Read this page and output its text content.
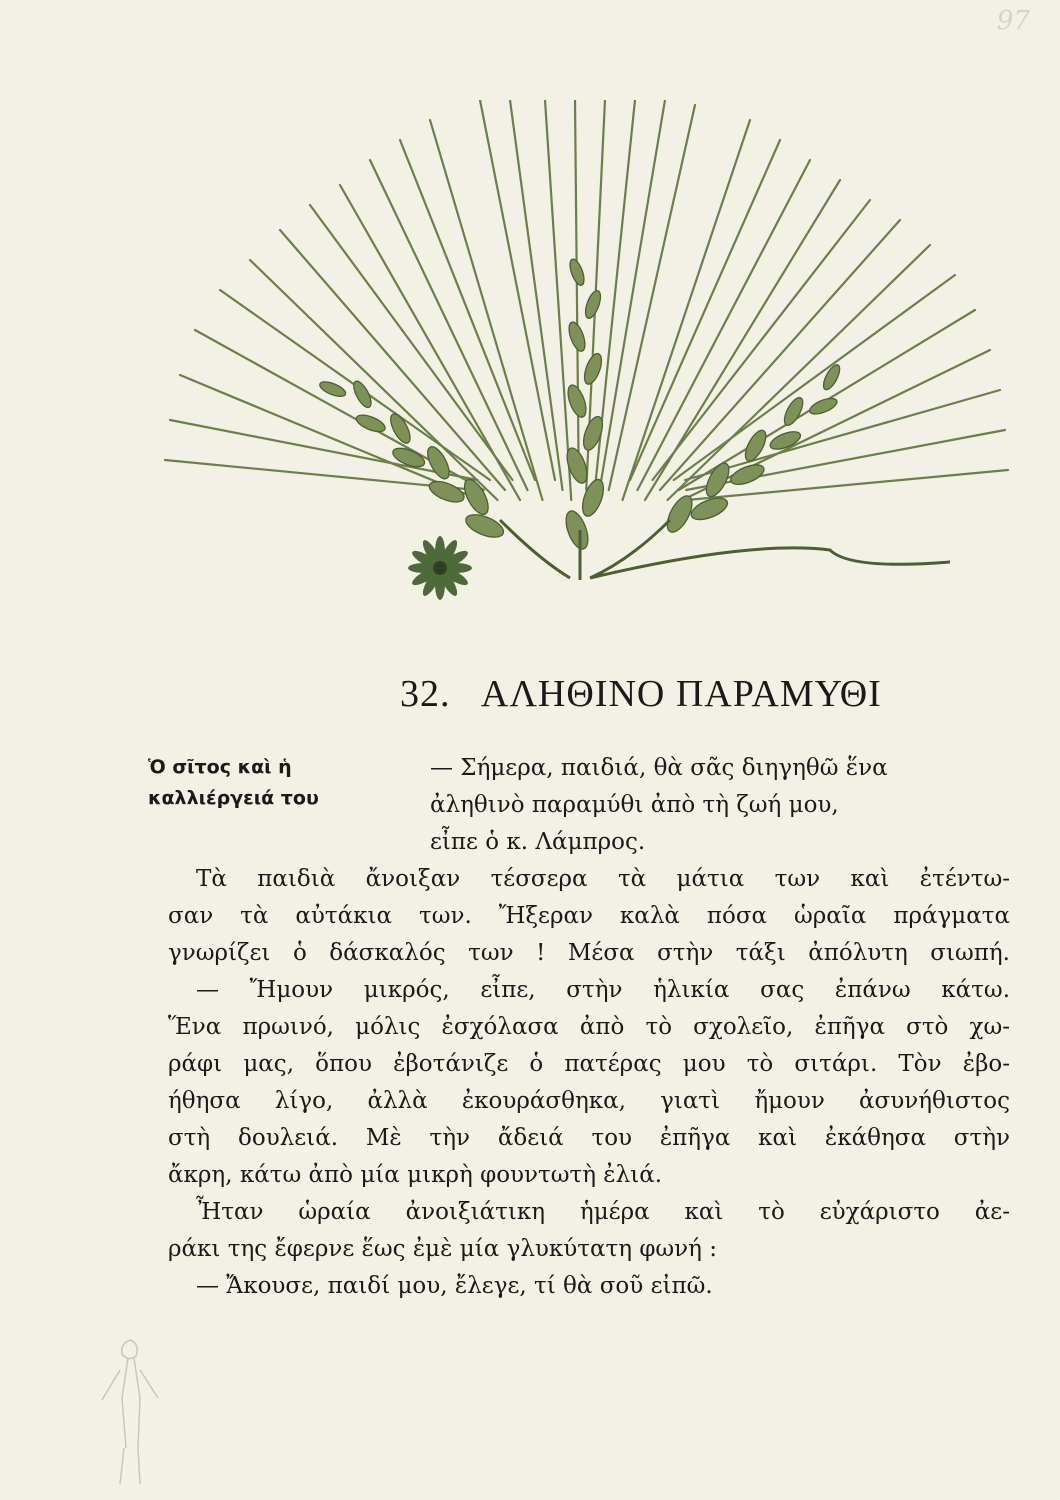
97
32. ΑΛΗΘΙΝΟ ΠΑΡΑΜΥΘΙ
Ὁ σῖτος καὶ ἡ
καλλιέργειά του
— Σήμερα, παιδιά, θὰ σᾶς διηγηθῶ ἕνα
ἀληθινὸ παραμύθι ἀπὸ τὴ ζωή μου,
εἶπε ὁ κ. Λάμπρος.
Τὰ παιδιὰ ἄνοιξαν τέσσερα τὰ μάτια των καὶ ἐτέντω-
σαν τὰ αὐτάκια των. Ἤξεραν καλὰ πόσα ὡραῖα πράγματα
γνωρίζει ὁ δάσκαλός των ! Μέσα στὴν τάξι ἀπόλυτη σιωπή.
— Ἤμουν μικρός, εἶπε, στὴν ἡλικία σας ἐπάνω κάτω.
Ἕνα πρωινό, μόλις ἐσχόλασα ἀπὸ τὸ σχολεῖο, ἐπῆγα στὸ χω-
ράφι μας, ὅπου ἐβοτάνιζε ὁ πατέρας μου τὸ σιτάρι. Τὸν ἐβο-
ήθησα λίγο, ἀλλὰ ἐκουράσθηκα, γιατὶ ἤμουν ἀσυνήθιστος
στὴ δουλειά. Μὲ τὴν ἄδειά του ἐπῆγα καὶ ἐκάθησα στὴν
ἄκρη, κάτω ἀπὸ μία μικρὴ φουντωτὴ ἐλιά.
Ἦταν ὡραία ἀνοιξιάτικη ἡμέρα καὶ τὸ εὐχάριστο ἀε-
ράκι της ἔφερνε ἕως ἐμὲ μία γλυκύτατη φωνή :
— Ἄκουσε, παιδί μου, ἔλεγε, τί θὰ σοῦ εἰπῶ.
